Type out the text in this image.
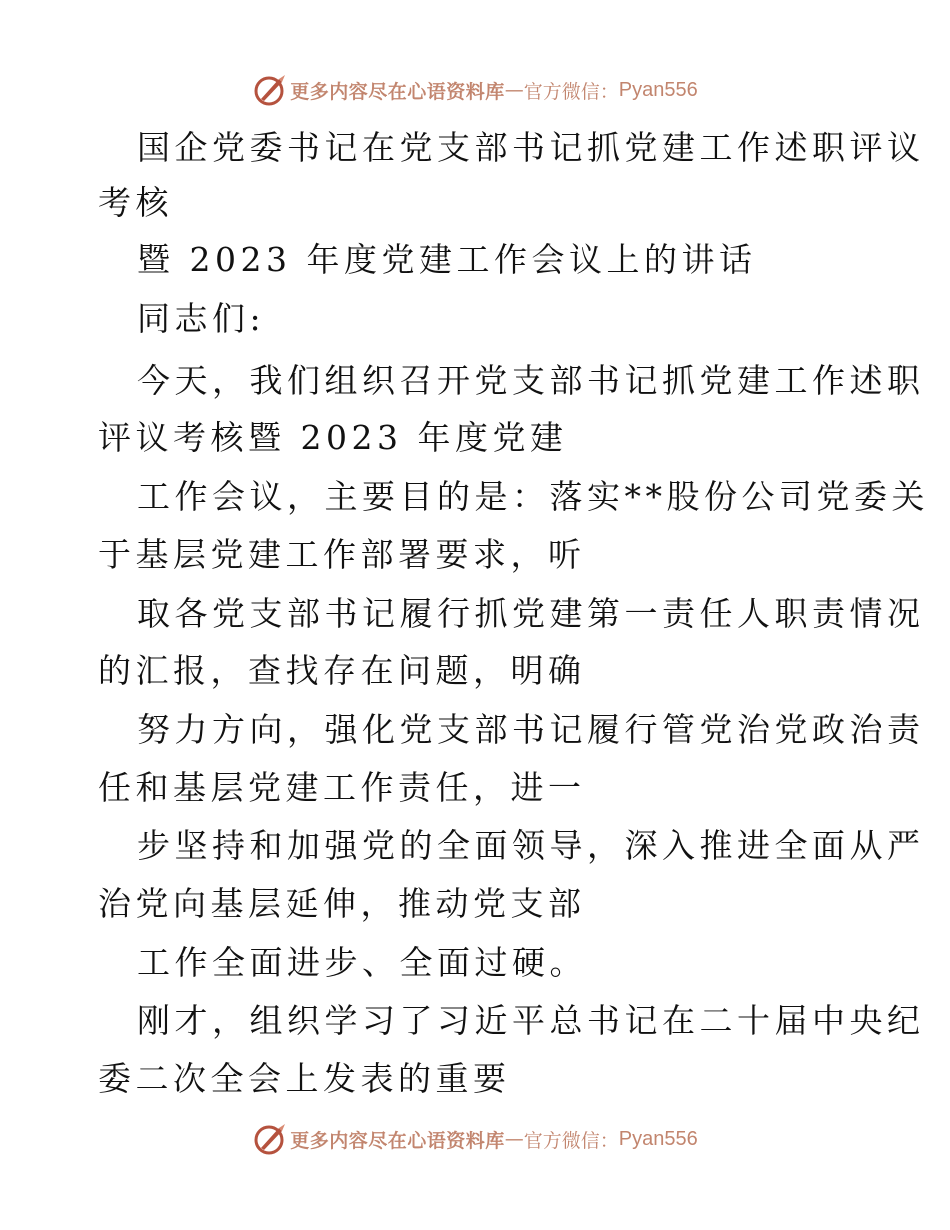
更多内容尽在心语资料库 — 官方微信： Pyan556
国企党委书记在党支部书记抓党建工作述职评议
考核
暨 2023 年度党建工作会议上的讲话
同志们:
今天，我们组织召开党支部书记抓党建工作述职
评议考核暨 2023 年度党建
工作会议，主要目的是：落实**股份公司党委关
于基层党建工作部署要求，听
取各党支部书记履行抓党建第一责任人职责情况
的汇报，查找存在问题，明确
努力方向，强化党支部书记履行管党治党政治责
任和基层党建工作责任，进一
步坚持和加强党的全面领导，深入推进全面从严
治党向基层延伸，推动党支部
工作全面进步、全面过硬。
刚才，组织学习了习近平总书记在二十届中央纪
委二次全会上发表的重要
更多内容尽在心语资料库 — 官方微信： Pyan556
